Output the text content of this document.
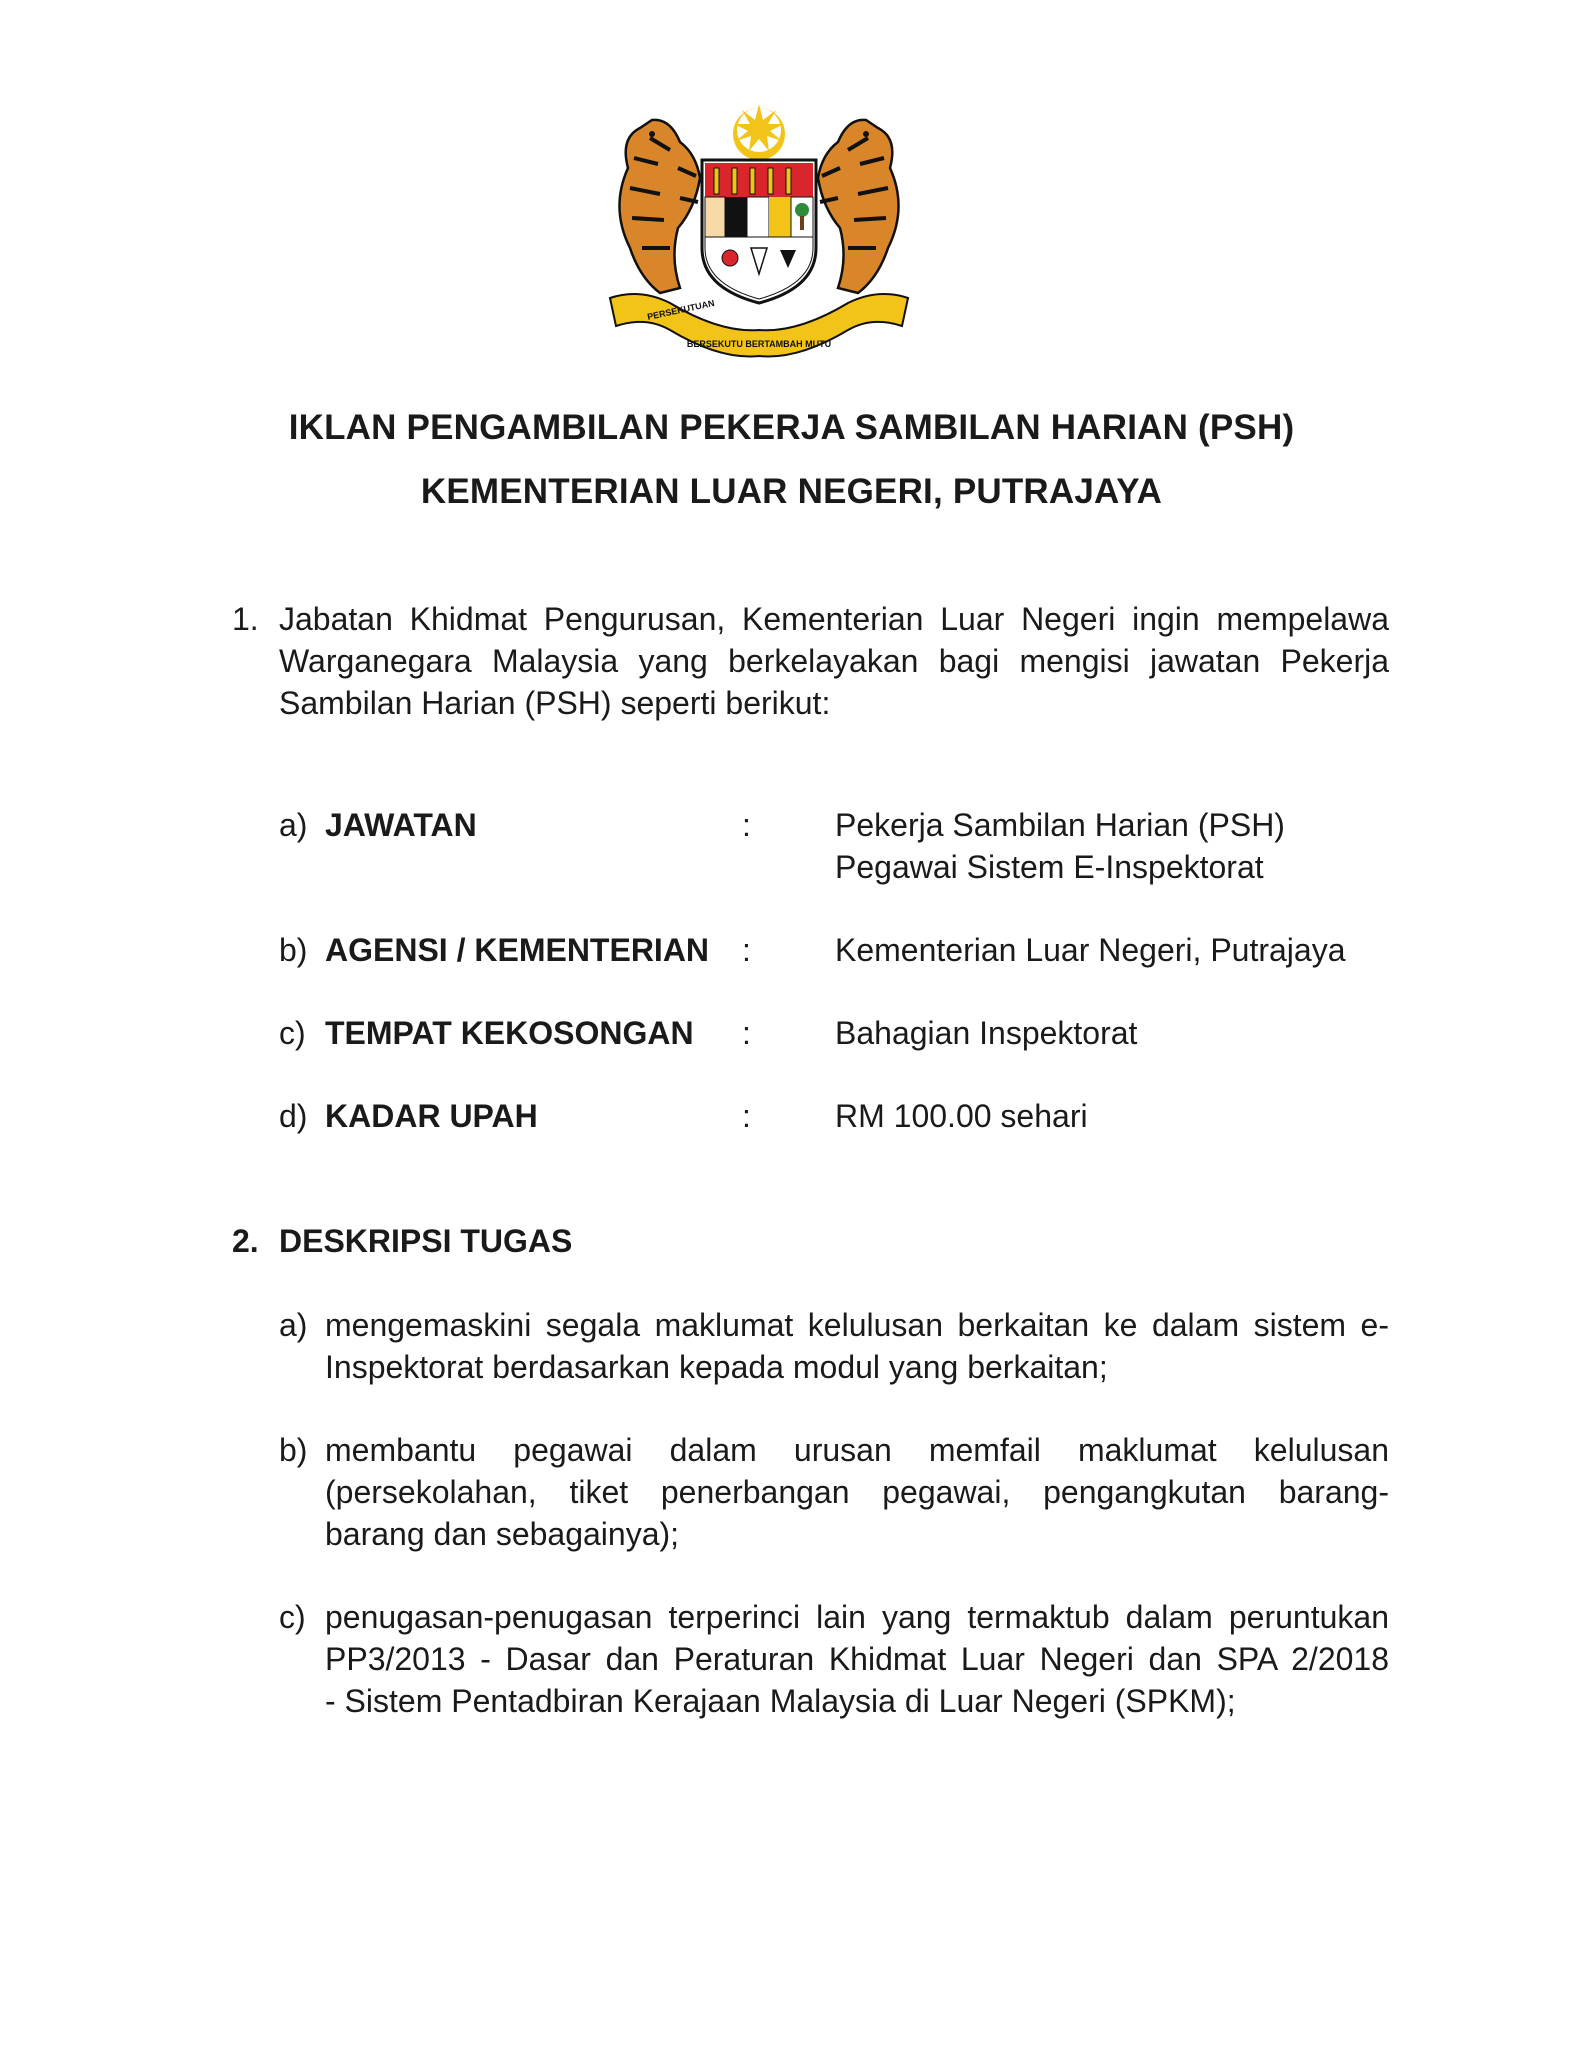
PERSEKUTUAN
BERSEKUTU BERTAMBAH MUTU
IKLAN PENGAMBILAN PEKERJA SAMBILAN HARIAN (PSH)
KEMENTERIAN LUAR NEGERI, PUTRAJAYA
1. Jabatan Khidmat Pengurusan, Kementerian Luar Negeri ingin mempelawa
Warganegara Malaysia yang berkelayakan bagi mengisi jawatan Pekerja
Sambilan Harian (PSH) seperti berikut:
a) JAWATAN	:	Pekerja Sambilan Harian (PSH)
Pegawai Sistem E-Inspektorat
b) AGENSI / KEMENTERIAN :	Kementerian Luar Negeri, Putrajaya
c) TEMPAT KEKOSONGAN :	Bahagian Inspektorat
d) KADAR UPAH	:	RM 100.00 sehari
2. DESKRIPSI TUGAS
a) mengemaskini segala maklumat kelulusan berkaitan ke dalam sistem e-
Inspektorat berdasarkan kepada modul yang berkaitan;
b) membantu pegawai dalam urusan memfail maklumat kelulusan
(persekolahan, tiket penerbangan pegawai, pengangkutan barang-
barang dan sebagainya);
c) penugasan-penugasan terperinci lain yang termaktub dalam peruntukan
PP3/2013 - Dasar dan Peraturan Khidmat Luar Negeri dan SPA 2/2018
- Sistem Pentadbiran Kerajaan Malaysia di Luar Negeri (SPKM);
